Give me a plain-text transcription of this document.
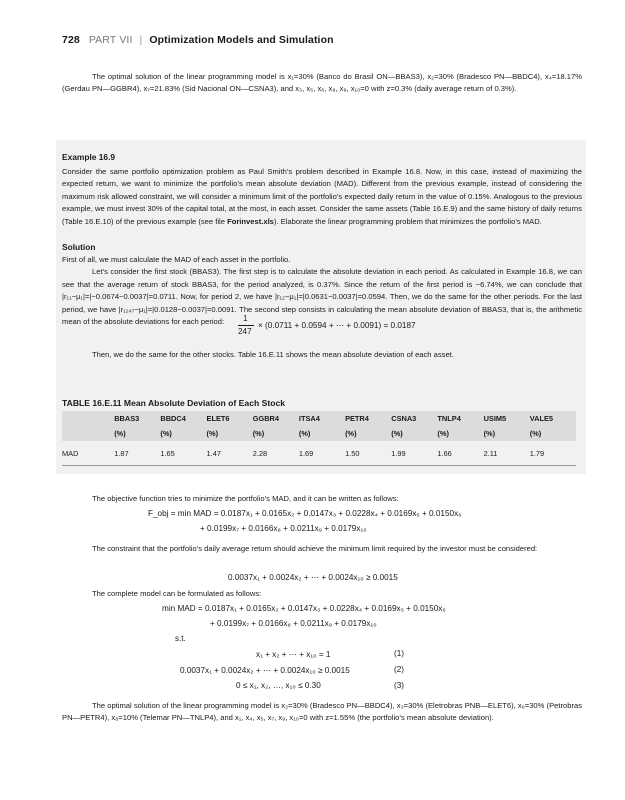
728 PART VII | Optimization Models and Simulation
The optimal solution of the linear programming model is x₁=30% (Banco do Brasil ON—BBAS3), x₂=30% (Bradesco PN—BBDC4), x₄=18.17% (Gerdau PN—GGBR4), x₇=21.83% (Sid Nacional ON—CSNA3), and x₃, x₅, x₆, x₈, x₉, x₁₀=0 with z=0.3% (daily average return of 0.3%).
Example 16.9
Consider the same portfolio optimization problem as Paul Smith’s problem described in Example 16.8. Now, in this case, instead of maximizing the expected return, we want to minimize the portfolio’s mean absolute deviation (MAD). Different from the previous example, instead of considering the maximum risk allowed constraint, we will consider a minimum limit of the portfolio’s expected daily return in the value of 0.15%. Analogous to the previous example, we must invest 30% of the capital total, at the most, in each asset. Consider the same assets (Table 16.E.9) and the same history of daily returns (Table 16.E.10) of the previous example (see file Forinvest.xls). Elaborate the linear programming problem that minimizes the portfolio’s MAD.
Solution
First of all, we must calculate the MAD of each asset in the portfolio.
Let’s consider the first stock (BBAS3). The first step is to calculate the absolute deviation in each period. As calculated in Example 16.8, we can see that the average return of stock BBAS3, for the period analyzed, is 0.37%. Since the return of the first period is −6.74%, we can conclude that |r₁₁−μ₁|=|−0.0674−0.0037|=0.0711. Now, for period 2, we have |r₁₂−μ₁|=|0.0631−0.0037|=0.0594. Then, we do the same for the other periods. For the last period, we have |r₁₂₄₇−μ₁|=|0.0128−0.0037|=0.0091. The second step consists in calculating the mean absolute deviation of BBAS3, that is, the arithmetic mean of the absolute deviations for each period:	1
247
× (0.0711 + 0.0594 + ⋯ + 0.0091) = 0.0187
Then, we do the same for the other stocks. Table 16.E.11 shows the mean absolute deviation of each asset.
TABLE 16.E.11 Mean Absolute Deviation of Each Stock
	BBAS3	BBDC4	ELET6	GGBR4	ITSA4	PETR4	CSNA3	TNLP4	USIM5	VALE5
	(%)	(%)	(%)	(%)	(%)	(%)	(%)	(%)	(%)	(%)
MAD	1.87	1.65	1.47	2.28	1.69	1.50	1.99	1.66	2.11	1.79
The objective function tries to minimize the portfolio’s MAD, and it can be written as follows:
F_obj = min MAD = 0.0187x₁ + 0.0165x₂ + 0.0147x₃ + 0.0228x₄ + 0.0169x₅ + 0.0150x₆
+ 0.0199x₇ + 0.0166x₈ + 0.0211x₉ + 0.0179x₁₀
The constraint that the portfolio’s daily average return should achieve the minimum limit required by the investor must be considered:
0.0037x₁ + 0.0024x₂ + ⋯ + 0.0024x₁₀ ≥ 0.0015
The complete model can be formulated as follows:
min MAD = 0.0187x₁ + 0.0165x₂ + 0.0147x₃ + 0.0228x₄ + 0.0169x₅ + 0.0150x₆
+ 0.0199x₇ + 0.0166x₈ + 0.0211x₉ + 0.0179x₁₀
s.t.
x₁ + x₂ + ⋯ + x₁₀ = 1	(1)
0.0037x₁ + 0.0024x₂ + ⋯ + 0.0024x₁₀ ≥ 0.0015	(2)
0 ≤ x₁, x₂, …, x₁₀ ≤ 0.30	(3)
The optimal solution of the linear programming model is x₂=30% (Bradesco PN—BBDC4), x₃=30% (Eletrobras PNB—ELET6), x₆=30% (Petrobras PN—PETR4), x₈=10% (Telemar PN—TNLP4), and x₁, x₄, x₅, x₇, x₉, x₁₀=0 with z=1.55% (the portfolio’s mean absolute deviation).
